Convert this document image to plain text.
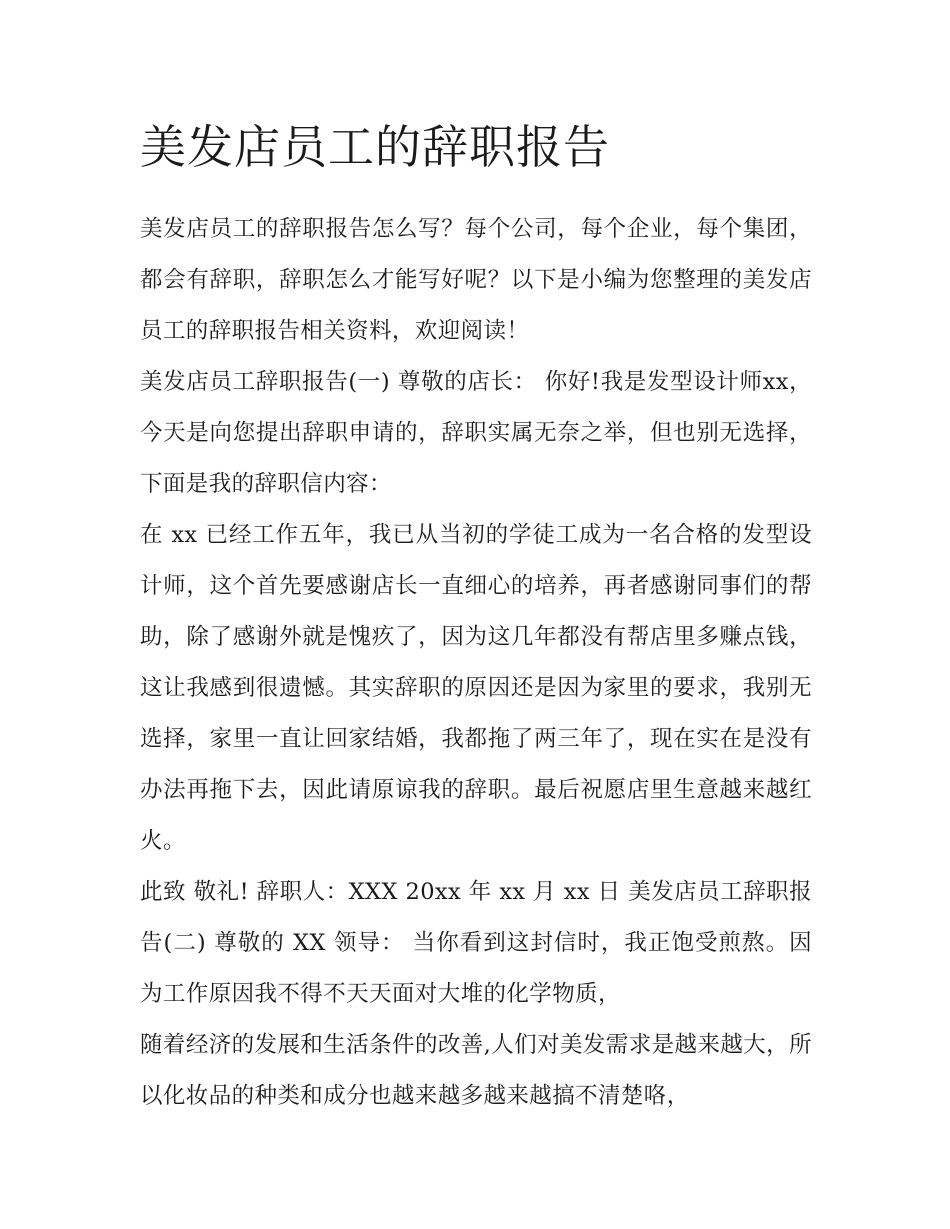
美发店员工的辞职报告

美发店员工的辞职报告怎么写？每个公司，每个企业，每个集团，都会有辞职，辞职怎么才能写好呢？以下是小编为您整理的美发店员工的辞职报告相关资料，欢迎阅读！

美发店员工辞职报告(一) 尊敬的店长： 你好!我是发型设计师xx，今天是向您提出辞职申请的，辞职实属无奈之举，但也别无选择，下面是我的辞职信内容：

在 xx 已经工作五年，我已从当初的学徒工成为一名合格的发型设计师，这个首先要感谢店长一直细心的培养，再者感谢同事们的帮助，除了感谢外就是愧疚了，因为这几年都没有帮店里多赚点钱，这让我感到很遗憾。其实辞职的原因还是因为家里的要求，我别无选择，家里一直让回家结婚，我都拖了两三年了，现在实在是没有办法再拖下去，因此请原谅我的辞职。最后祝愿店里生意越来越红火。

此致 敬礼! 辞职人：XXX 20xx 年 xx 月 xx 日 美发店员工辞职报告(二) 尊敬的 XX 领导： 当你看到这封信时，我正饱受煎熬。因为工作原因我不得不天天面对大堆的化学物质，

随着经济的发展和生活条件的改善,人们对美发需求是越来越大，所以化妆品的种类和成分也越来越多越来越搞不清楚咯，
